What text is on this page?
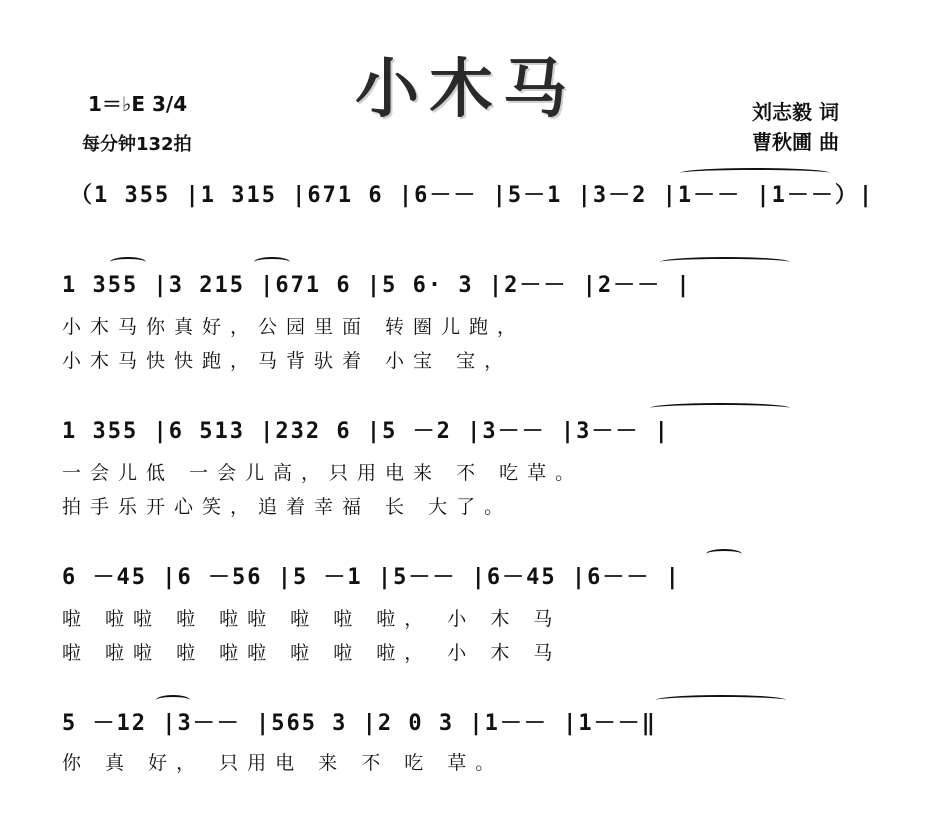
小木马
1＝♭E 3/4
每分钟132拍
刘志毅 词
曹秋圃 曲
（1 355 |1 315 |671 6 |6－－ |5－1 |3－2 |1－－ |1－－）|
1 355 |3 215 |671 6 |5 6· 3 |2－－ |2－－ |
小木马你真好，公园里面 转圈儿跑，
小木马快快跑，马背驮着 小宝 宝，
1 355 |6 513 |232 6 |5 －2 |3－－ |3－－ |
一会儿低 一会儿高，只用电来 不 吃草。
拍手乐开心笑，追着幸福 长 大了。
6 －45 |6 －56 |5 －1 |5－－ |6－45 |6－－ |
啦 啦啦 啦 啦啦 啦 啦 啦， 小 木 马
啦 啦啦 啦 啦啦 啦 啦 啦， 小 木 马
5 －12 |3－－ |565 3 |2 0 3 |1－－ |1－－‖
你 真 好， 只用电 来 不 吃 草。
